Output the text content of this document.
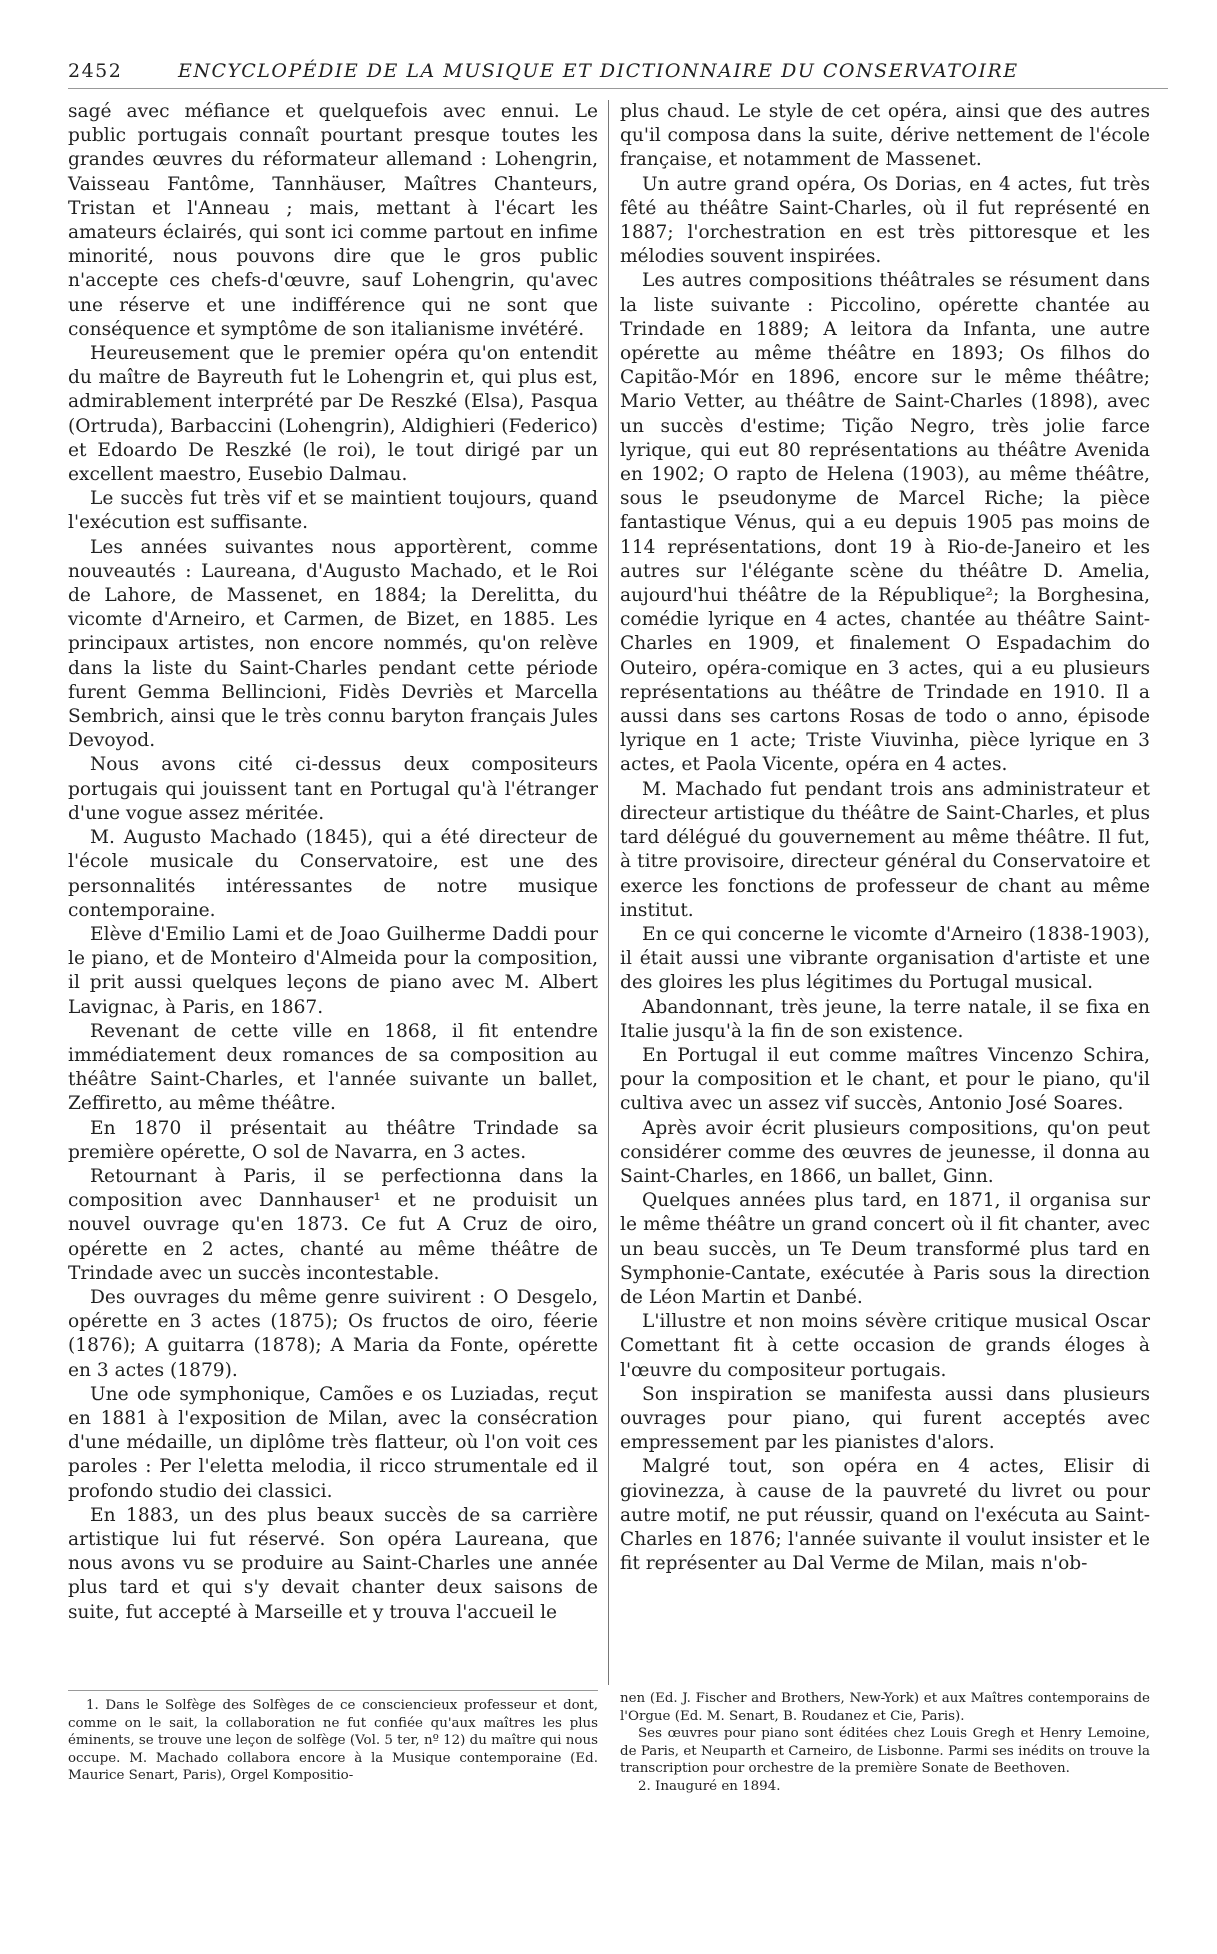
2452	ENCYCLOPÉDIE DE LA MUSIQUE ET DICTIONNAIRE DU CONSERVATOIRE

sagé avec méfiance et quelquefois avec ennui. Le public portugais connaît pourtant presque toutes les grandes œuvres du réformateur allemand : Lohengrin, Vaisseau Fantôme, Tannhäuser, Maîtres Chanteurs, Tristan et l'Anneau ; mais, mettant à l'écart les amateurs éclairés, qui sont ici comme partout en infime minorité, nous pouvons dire que le gros public n'accepte ces chefs-d'œuvre, sauf Lohengrin, qu'avec une réserve et une indifférence qui ne sont que conséquence et symptôme de son italianisme invétéré.

Heureusement que le premier opéra qu'on entendit du maître de Bayreuth fut le Lohengrin et, qui plus est, admirablement interprété par De Reszké (Elsa), Pasqua (Ortruda), Barbaccini (Lohengrin), Aldighieri (Federico) et Edoardo De Reszké (le roi), le tout dirigé par un excellent maestro, Eusebio Dalmau.

Le succès fut très vif et se maintient toujours, quand l'exécution est suffisante.

Les années suivantes nous apportèrent, comme nouveautés : Laureana, d'Augusto Machado, et le Roi de Lahore, de Massenet, en 1884; la Derelitta, du vicomte d'Arneiro, et Carmen, de Bizet, en 1885. Les principaux artistes, non encore nommés, qu'on relève dans la liste du Saint-Charles pendant cette période furent Gemma Bellincioni, Fidès Devriès et Marcella Sembrich, ainsi que le très connu baryton français Jules Devoyod.

Nous avons cité ci-dessus deux compositeurs portugais qui jouissent tant en Portugal qu'à l'étranger d'une vogue assez méritée.

M. Augusto Machado (1845), qui a été directeur de l'école musicale du Conservatoire, est une des personnalités intéressantes de notre musique contemporaine.

Elève d'Emilio Lami et de Joao Guilherme Daddi pour le piano, et de Monteiro d'Almeida pour la composition, il prit aussi quelques leçons de piano avec M. Albert Lavignac, à Paris, en 1867.

Revenant de cette ville en 1868, il fit entendre immédiatement deux romances de sa composition au théâtre Saint-Charles, et l'année suivante un ballet, Zeffiretto, au même théâtre.

En 1870 il présentait au théâtre Trindade sa première opérette, O sol de Navarra, en 3 actes.

Retournant à Paris, il se perfectionna dans la composition avec Dannhauser¹ et ne produisit un nouvel ouvrage qu'en 1873. Ce fut A Cruz de oiro, opérette en 2 actes, chanté au même théâtre de Trindade avec un succès incontestable.

Des ouvrages du même genre suivirent : O Desgelo, opérette en 3 actes (1875); Os fructos de oiro, féerie (1876); A guitarra (1878); A Maria da Fonte, opérette en 3 actes (1879).

Une ode symphonique, Camões e os Luziadas, reçut en 1881 à l'exposition de Milan, avec la consécration d'une médaille, un diplôme très flatteur, où l'on voit ces paroles : Per l'eletta melodia, il ricco strumentale ed il profondo studio dei classici.

En 1883, un des plus beaux succès de sa carrière artistique lui fut réservé. Son opéra Laureana, que nous avons vu se produire au Saint-Charles une année plus tard et qui s'y devait chanter deux saisons de suite, fut accepté à Marseille et y trouva l'accueil le

plus chaud. Le style de cet opéra, ainsi que des autres qu'il composa dans la suite, dérive nettement de l'école française, et notamment de Massenet.

Un autre grand opéra, Os Dorias, en 4 actes, fut très fêté au théâtre Saint-Charles, où il fut représenté en 1887; l'orchestration en est très pittoresque et les mélodies souvent inspirées.

Les autres compositions théâtrales se résument dans la liste suivante : Piccolino, opérette chantée au Trindade en 1889; A leitora da Infanta, une autre opérette au même théâtre en 1893; Os filhos do Capitão-Mór en 1896, encore sur le même théâtre; Mario Vetter, au théâtre de Saint-Charles (1898), avec un succès d'estime; Tição Negro, très jolie farce lyrique, qui eut 80 représentations au théâtre Avenida en 1902; O rapto de Helena (1903), au même théâtre, sous le pseudonyme de Marcel Riche; la pièce fantastique Vénus, qui a eu depuis 1905 pas moins de 114 représentations, dont 19 à Rio-de-Janeiro et les autres sur l'élégante scène du théâtre D. Amelia, aujourd'hui théâtre de la République²; la Borghesina, comédie lyrique en 4 actes, chantée au théâtre Saint-Charles en 1909, et finalement O Espadachim do Outeiro, opéra-comique en 3 actes, qui a eu plusieurs représentations au théâtre de Trindade en 1910. Il a aussi dans ses cartons Rosas de todo o anno, épisode lyrique en 1 acte; Triste Viuvinha, pièce lyrique en 3 actes, et Paola Vicente, opéra en 4 actes.

M. Machado fut pendant trois ans administrateur et directeur artistique du théâtre de Saint-Charles, et plus tard délégué du gouvernement au même théâtre. Il fut, à titre provisoire, directeur général du Conservatoire et exerce les fonctions de professeur de chant au même institut.

En ce qui concerne le vicomte d'Arneiro (1838-1903), il était aussi une vibrante organisation d'artiste et une des gloires les plus légitimes du Portugal musical.

Abandonnant, très jeune, la terre natale, il se fixa en Italie jusqu'à la fin de son existence.

En Portugal il eut comme maîtres Vincenzo Schira, pour la composition et le chant, et pour le piano, qu'il cultiva avec un assez vif succès, Antonio José Soares.

Après avoir écrit plusieurs compositions, qu'on peut considérer comme des œuvres de jeunesse, il donna au Saint-Charles, en 1866, un ballet, Ginn.

Quelques années plus tard, en 1871, il organisa sur le même théâtre un grand concert où il fit chanter, avec un beau succès, un Te Deum transformé plus tard en Symphonie-Cantate, exécutée à Paris sous la direction de Léon Martin et Danbé.

L'illustre et non moins sévère critique musical Oscar Comettant fit à cette occasion de grands éloges à l'œuvre du compositeur portugais.

Son inspiration se manifesta aussi dans plusieurs ouvrages pour piano, qui furent acceptés avec empressement par les pianistes d'alors.

Malgré tout, son opéra en 4 actes, Elisir di giovinezza, à cause de la pauvreté du livret ou pour autre motif, ne put réussir, quand on l'exécuta au Saint-Charles en 1876; l'année suivante il voulut insister et le fit représenter au Dal Verme de Milan, mais n'ob-

1. Dans le Solfège des Solfèges de ce consciencieux professeur et dont, comme on le sait, la collaboration ne fut confiée qu'aux maîtres les plus éminents, se trouve une leçon de solfège (Vol. 5 ter, nº 12) du maître qui nous occupe. M. Machado collabora encore à la Musique contemporaine (Ed. Maurice Senart, Paris), Orgel Kompositio-

nen (Ed. J. Fischer and Brothers, New-York) et aux Maîtres contemporains de l'Orgue (Ed. M. Senart, B. Roudanez et Cie, Paris).

Ses œuvres pour piano sont éditées chez Louis Gregh et Henry Lemoine, de Paris, et Neuparth et Carneiro, de Lisbonne. Parmi ses inédits on trouve la transcription pour orchestre de la première Sonate de Beethoven.

2. Inauguré en 1894.
